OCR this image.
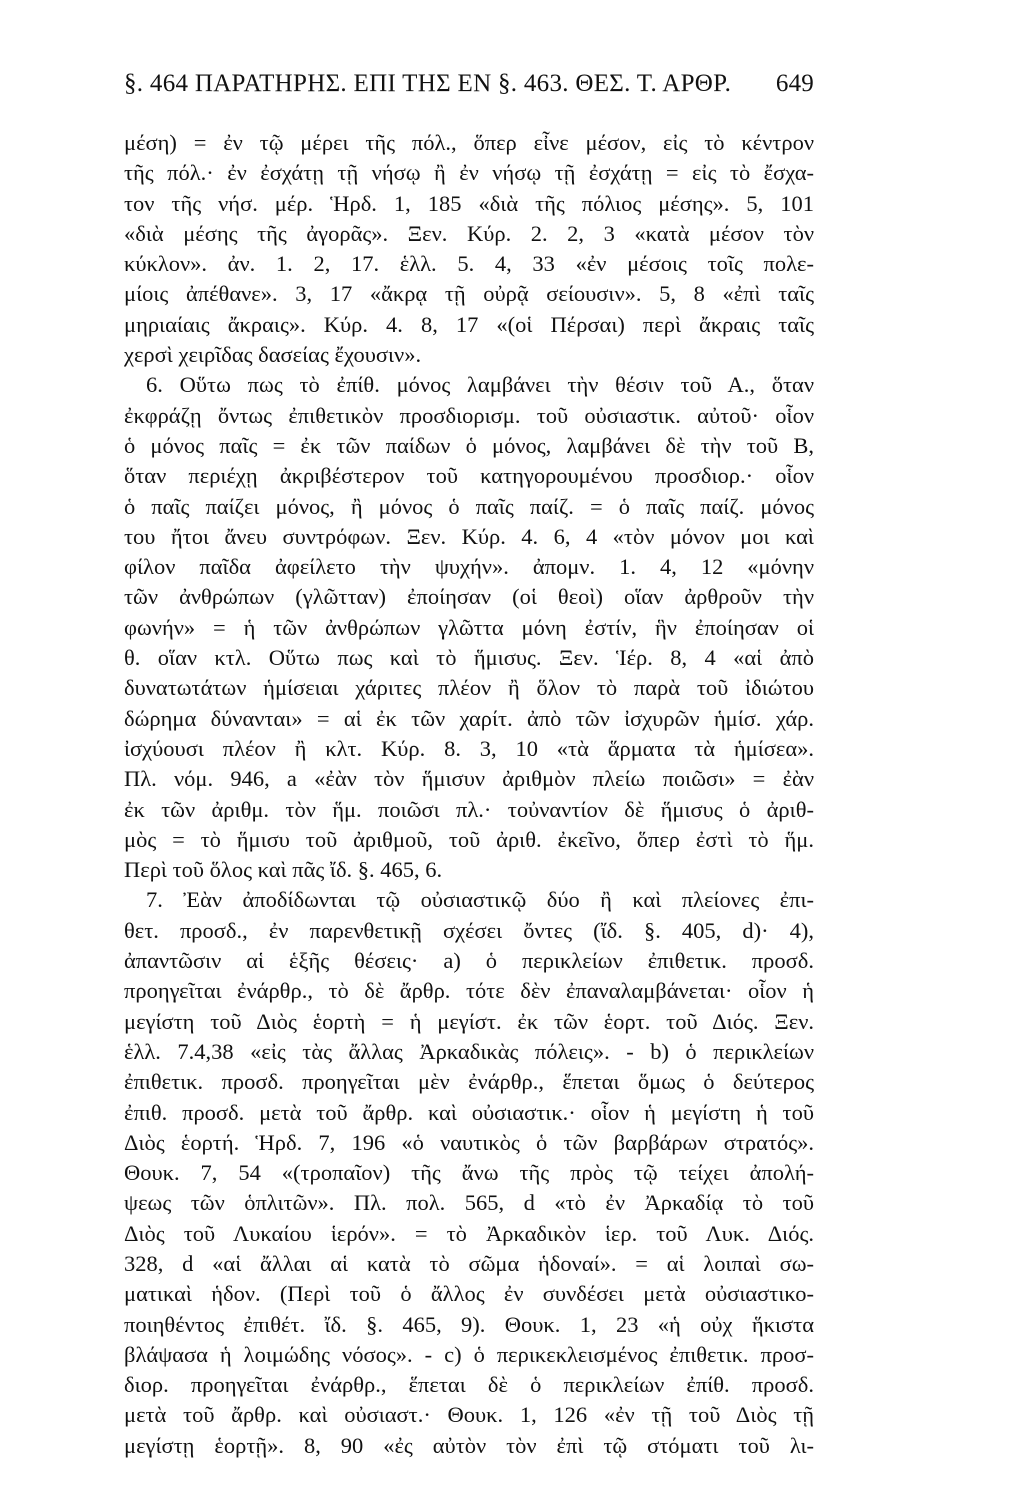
§. 464 ΠΑΡΑΤΗΡΗΣ. ΕΠΙ ΤΗΣ ΕΝ §. 463. ΘΕΣ. Τ. ΑΡΘΡ. 649
μέση) = ἐν τῷ μέρει τῆς πόλ., ὅπερ εἶνε μέσον, εἰς τὸ κέντρον
τῆς πόλ.· ἐν ἐσχάτῃ τῇ νήσῳ ἢ ἐν νήσῳ τῇ ἐσχάτῃ = εἰς τὸ ἔσχα-
τον τῆς νήσ. μέρ. Ἡρδ. 1, 185 «διὰ τῆς πόλιος μέσης». 5, 101
«διὰ μέσης τῆς ἀγορᾶς». Ξεν. Κύρ. 2. 2, 3 «κατὰ μέσον τὸν
κύκλον». ἀν. 1. 2, 17. ἑλλ. 5. 4, 33 «ἐν μέσοις τοῖς πολε-
μίοις ἀπέθανε». 3, 17 «ἄκρᾳ τῇ οὐρᾷ σείουσιν». 5, 8 «ἐπὶ ταῖς
μηριαίαις ἄκραις». Κύρ. 4. 8, 17 «(οἱ Πέρσαι) περὶ ἄκραις ταῖς
χερσὶ χειρῖδας δασείας ἔχουσιν».
6. Οὕτω πως τὸ ἐπίθ. μόνος λαμβάνει τὴν θέσιν τοῦ Α., ὅταν
ἐκφράζῃ ὄντως ἐπιθετικὸν προσδιορισμ. τοῦ οὐσιαστικ. αὐτοῦ· οἷον
ὁ μόνος παῖς = ἐκ τῶν παίδων ὁ μόνος, λαμβάνει δὲ τὴν τοῦ Β,
ὅταν περιέχῃ ἀκριβέστερον τοῦ κατηγορουμένου προσδιορ.· οἷον
ὁ παῖς παίζει μόνος, ἢ μόνος ὁ παῖς παίζ. = ὁ παῖς παίζ. μόνος
του ἤτοι ἄνευ συντρόφων. Ξεν. Κύρ. 4. 6, 4 «τὸν μόνον μοι καὶ
φίλον παῖδα ἀφείλετο τὴν ψυχήν». ἀπομν. 1. 4, 12 «μόνην
τῶν ἀνθρώπων (γλῶτταν) ἐποίησαν (οἱ θεοὶ) οἵαν ἀρθροῦν τὴν
φωνήν» = ἡ τῶν ἀνθρώπων γλῶττα μόνη ἐστίν, ἣν ἐποίησαν οἱ
θ. οἵαν κτλ. Οὕτω πως καὶ τὸ ἥμισυς. Ξεν. Ἱέρ. 8, 4 «αἱ ἀπὸ
δυνατωτάτων ἡμίσειαι χάριτες πλέον ἢ ὅλον τὸ παρὰ τοῦ ἰδιώτου
δώρημα δύνανται» = αἱ ἐκ τῶν χαρίτ. ἀπὸ τῶν ἰσχυρῶν ἡμίσ. χάρ.
ἰσχύουσι πλέον ἢ κλτ. Κύρ. 8. 3, 10 «τὰ ἅρματα τὰ ἡμίσεα».
Πλ. νόμ. 946, a «ἐὰν τὸν ἥμισυν ἀριθμὸν πλείω ποιῶσι» = ἐὰν
ἐκ τῶν ἀριθμ. τὸν ἥμ. ποιῶσι πλ.· τοὐναντίον δὲ ἥμισυς ὁ ἀριθ-
μὸς = τὸ ἥμισυ τοῦ ἀριθμοῦ, τοῦ ἀριθ. ἐκεῖνο, ὅπερ ἐστὶ τὸ ἥμ.
Περὶ τοῦ ὅλος καὶ πᾶς ἴδ. §. 465, 6.
7. Ἐὰν ἀποδίδωνται τῷ οὐσιαστικῷ δύο ἢ καὶ πλείονες ἐπι-
θετ. προσδ., ἐν παρενθετικῇ σχέσει ὄντες (ἴδ. §. 405, d)· 4),
ἀπαντῶσιν αἱ ἑξῆς θέσεις· a) ὁ περικλείων ἐπιθετικ. προσδ.
προηγεῖται ἐνάρθρ., τὸ δὲ ἄρθρ. τότε δὲν ἐπαναλαμβάνεται· οἷον ἡ
μεγίστη τοῦ Διὸς ἑορτὴ = ἡ μεγίστ. ἐκ τῶν ἑορτ. τοῦ Διός. Ξεν.
ἑλλ. 7.4,38 «εἰς τὰς ἄλλας Ἀρκαδικὰς πόλεις». - b) ὁ περικλείων
ἐπιθετικ. προσδ. προηγεῖται μὲν ἐνάρθρ., ἕπεται ὅμως ὁ δεύτερος
ἐπιθ. προσδ. μετὰ τοῦ ἄρθρ. καὶ οὐσιαστικ.· οἷον ἡ μεγίστη ἡ τοῦ
Διὸς ἑορτή. Ἡρδ. 7, 196 «ὁ ναυτικὸς ὁ τῶν βαρβάρων στρατός».
Θουκ. 7, 54 «(τροπαῖον) τῆς ἄνω τῆς πρὸς τῷ τείχει ἀπολή-
ψεως τῶν ὁπλιτῶν». Πλ. πολ. 565, d «τὸ ἐν Ἀρκαδίᾳ τὸ τοῦ
Διὸς τοῦ Λυκαίου ἱερόν». = τὸ Ἀρκαδικὸν ἱερ. τοῦ Λυκ. Διός.
328, d «αἱ ἄλλαι αἱ κατὰ τὸ σῶμα ἡδοναί». = αἱ λοιπαὶ σω-
ματικαὶ ἡδον. (Περὶ τοῦ ὁ ἄλλος ἐν συνδέσει μετὰ οὐσιαστικο-
ποιηθέντος ἐπιθέτ. ἴδ. §. 465, 9). Θουκ. 1, 23 «ἡ οὐχ ἥκιστα
βλάψασα ἡ λοιμώδης νόσος». - c) ὁ περικεκλεισμένος ἐπιθετικ. προσ-
διορ. προηγεῖται ἐνάρθρ., ἕπεται δὲ ὁ περικλείων ἐπίθ. προσδ.
μετὰ τοῦ ἄρθρ. καὶ οὐσιαστ.· Θουκ. 1, 126 «ἐν τῇ τοῦ Διὸς τῇ
μεγίστῃ ἑορτῇ». 8, 90 «ἐς αὐτὸν τὸν ἐπὶ τῷ στόματι τοῦ λι-
